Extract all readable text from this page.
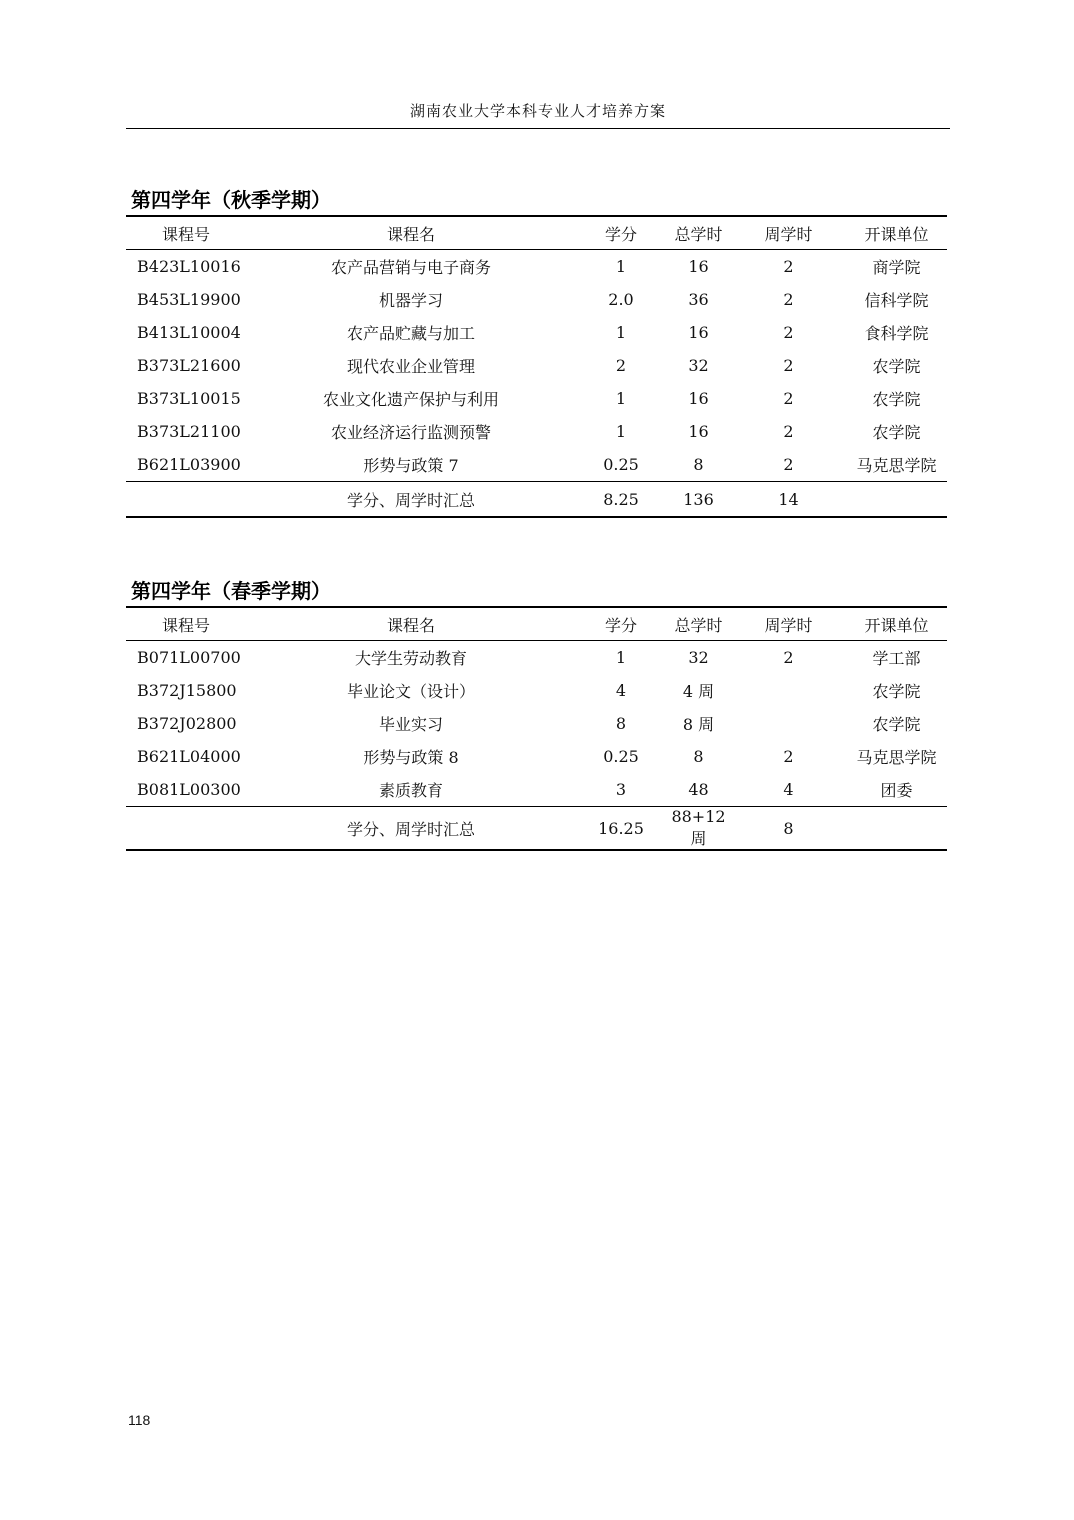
湖南农业大学本科专业人才培养方案
第四学年（秋季学期）
课程号	课程名	学分	总学时	周学时	开课单位
B423L10016	农产品营销与电子商务	1	16	2	商学院
B453L19900	机器学习	2.0	36	2	信科学院
B413L10004	农产品贮藏与加工	1	16	2	食科学院
B373L21600	现代农业企业管理	2	32	2	农学院
B373L10015	农业文化遗产保护与利用	1	16	2	农学院
B373L21100	农业经济运行监测预警	1	16	2	农学院
B621L03900	形势与政策 7	0.25	8	2	马克思学院
学分、周学时汇总		8.25	136	14	
第四学年（春季学期）
课程号	课程名	学分	总学时	周学时	开课单位
B071L00700	大学生劳动教育	1	32	2	学工部
B372J15800	毕业论文（设计）	4	4 周		农学院
B372J02800	毕业实习	8	8 周		农学院
B621L04000	形势与政策 8	0.25	8	2	马克思学院
B081L00300	素质教育	3	48	4	团委
学分、周学时汇总		16.25	88+12 周	8	
118
